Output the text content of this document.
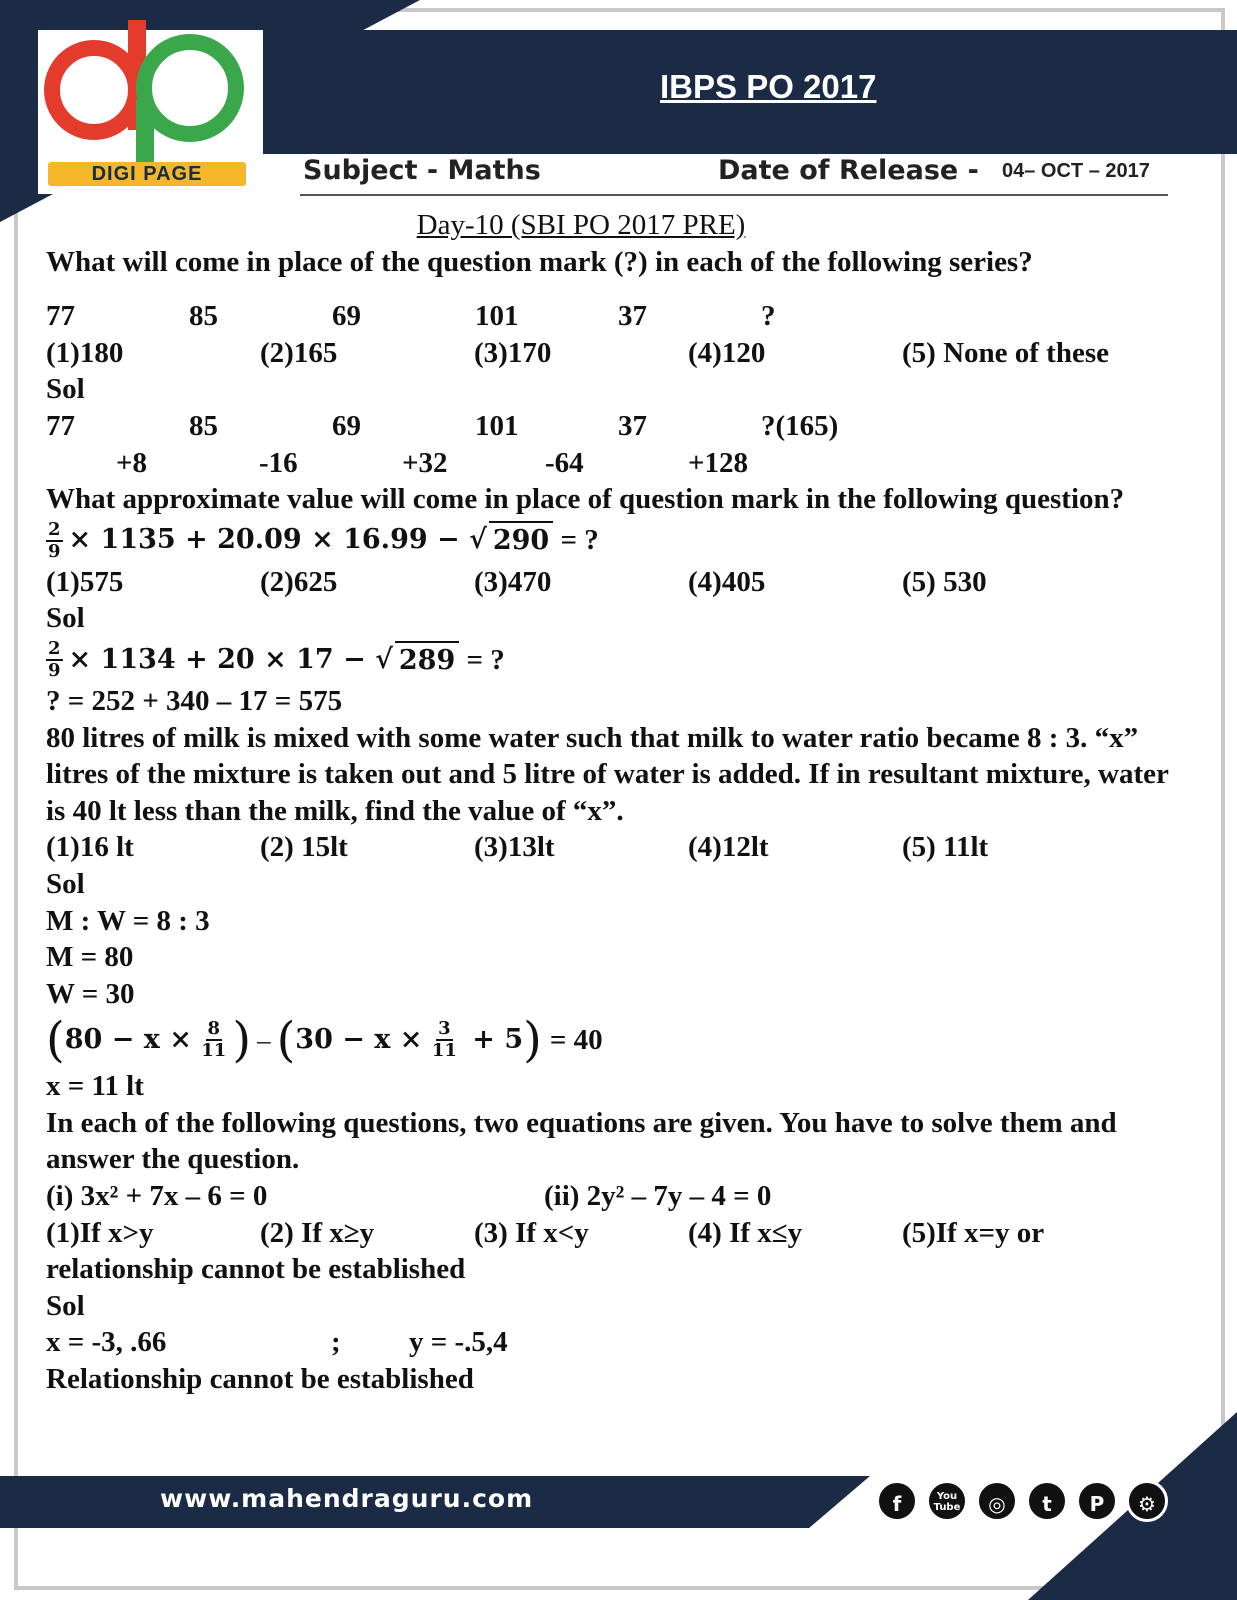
IBPS PO 2017
DIGI PAGE	Subject - Maths	Date of Release - 04– OCT – 2017
Day-10 (SBI PO 2017 PRE)
What will come in place of the question mark (?) in each of the following series?
77	85	69	101	37	?
(1)180	(2)165	(3)170	(4)120	(5) None of these
Sol
77	85	69	101	37	?(165)
+8	-16	+32	-64	+128
What approximate value will come in place of question mark in the following question?
$\frac{2}{9} \times 1135 + 20.09 \times 16.99$ − √ 290 = ?
(1)575	(2)625	(3)470	(4)405	(5) 530
Sol
$\frac{2}{9} \times 1134 + 20 \times 17$ − √ 289 = ?
? = 252 + 340 – 17 = 575
80 litres of milk is mixed with some water such that milk to water ratio became 8 : 3. “x” litres of the mixture is taken out and 5 litre of water is added. If in resultant mixture, water is 40 lt less than the milk, find the value of “x”.
(1)16 lt	(2) 15lt	(3)13lt	(4)12lt	(5) 11lt
Sol
M : W = 8 : 3
M = 80
W = 30
( $80 - x \times \frac{8}{11}$ ) – ( $30 - x \times \frac{3}{11} + 5$ ) = 40
x = 11 lt
In each of the following questions, two equations are given. You have to solve them and answer the question.
(i) 3x² + 7x – 6 = 0	(ii) 2y² – 7y – 4 = 0
(1)If x>y	(2) If x≥y	(3) If x<y	(4) If x≤y	(5)If x=y or
relationship cannot be established
Sol
x = -3, .66	; y = -.5,4
Relationship cannot be established
www.mahendraguru.com	f	You Tube	◎	t	P	⚙
